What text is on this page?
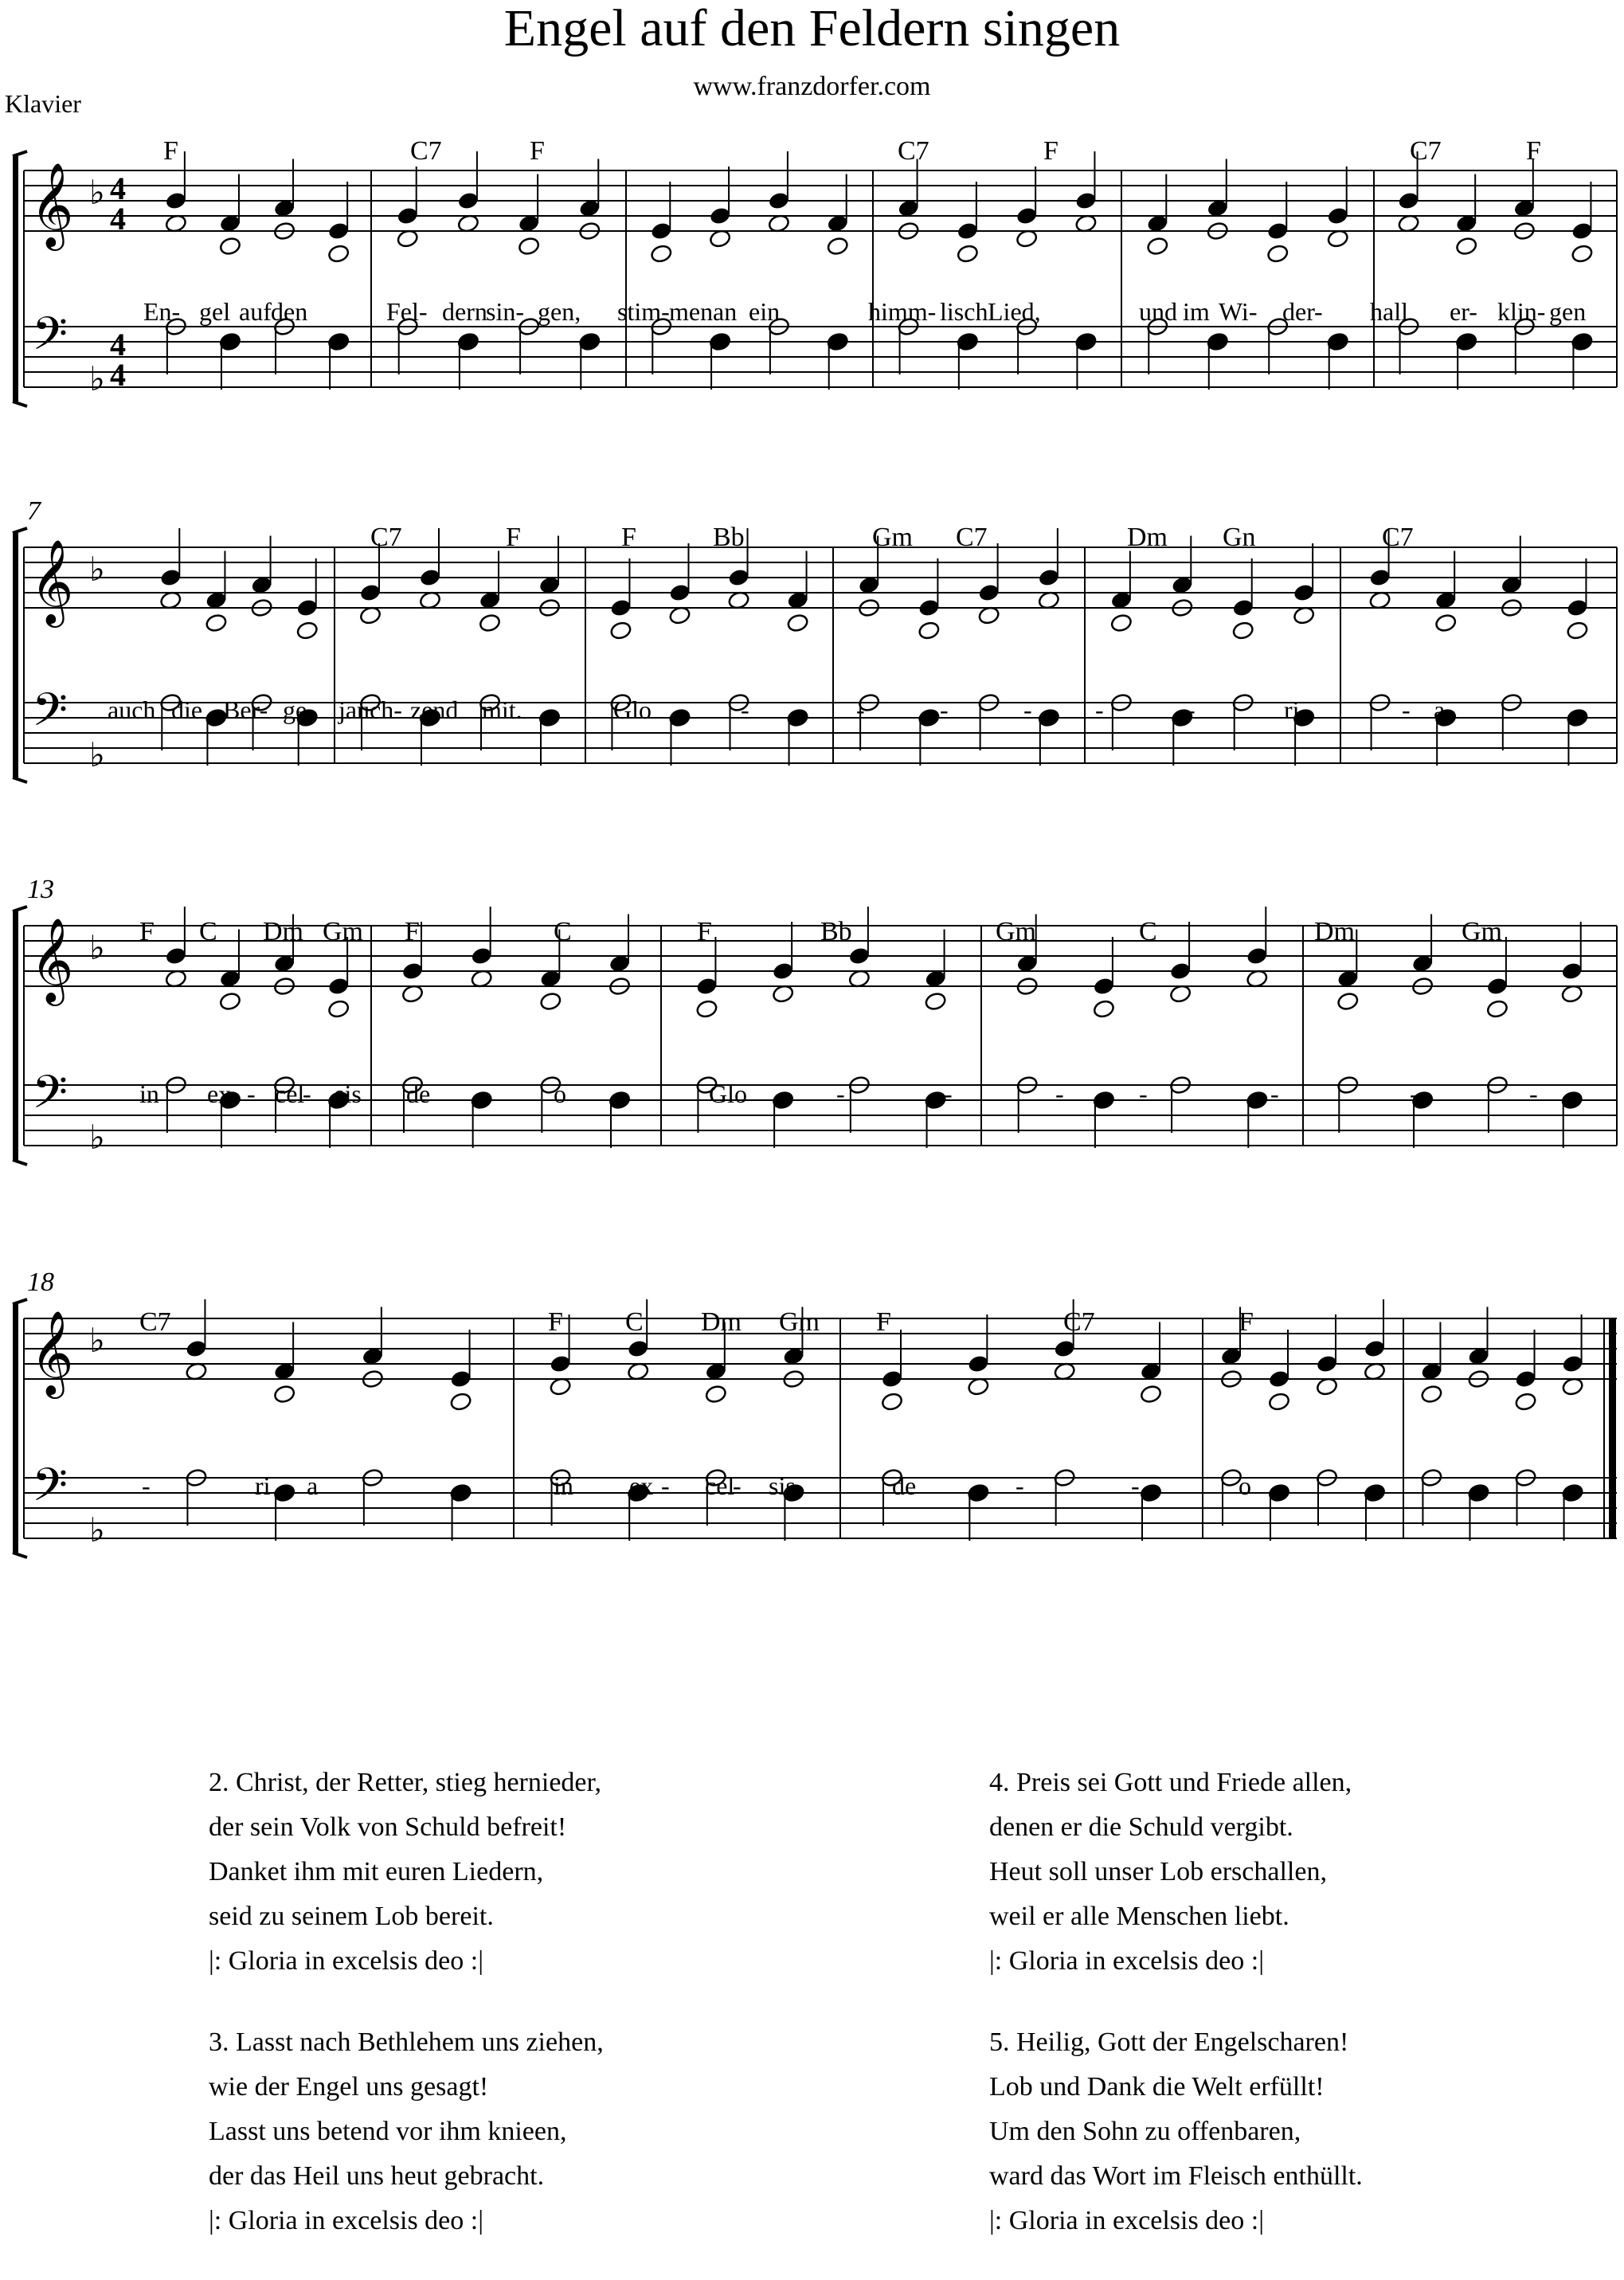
Engel auf den Feldern singen
www.franzdorfer.com
Klavier
𝄞
𝄢
♭
♭
4
4
4
4
F	C7	F	C7	F	C7	F
En- gel auf den	Fel- dern
sin- gen, stim- men an ein	himm- lisch Lied,	und im Wi- der - hall er- klin- gen
𝄞
𝄢
♭
♭
7
C7	F	F	Bb	Gm C7	Dm Gn	C7
auch die Ber- ge jauch- zend mit.	Glo	-	-	-	- -	-	ri	- a
𝄞
𝄢
♭
♭
13
F C Dm Gm F	C	F	Bb	Gm	C	Dm	Gm
in ex - cel
- sis de -	o	Glo	-	-	-	-	-	-	-
𝄞
𝄢
♭
♭
18
C7	F C Dm Gm F	C7	F
-	ri - a	in ex - cel
- sis	de	-	-	o
2. Christ, der Retter, stieg hernieder,
der sein Volk von Schuld befreit!
Danket ihm mit euren Liedern,
seid zu seinem Lob bereit.
|: Gloria in excelsis deo :|
3. Lasst nach Bethlehem uns ziehen,
wie der Engel uns gesagt!
Lasst uns betend vor ihm knieen,
der das Heil uns heut gebracht.
|: Gloria in excelsis deo :|
4. Preis sei Gott und Friede allen,
denen er die Schuld vergibt.
Heut soll unser Lob erschallen,
weil er alle Menschen liebt.
|: Gloria in excelsis deo :|
5. Heilig, Gott der Engelscharen!
Lob und Dank die Welt erfüllt!
Um den Sohn zu offenbaren,
ward das Wort im Fleisch enthüllt.
|: Gloria in excelsis deo :|
